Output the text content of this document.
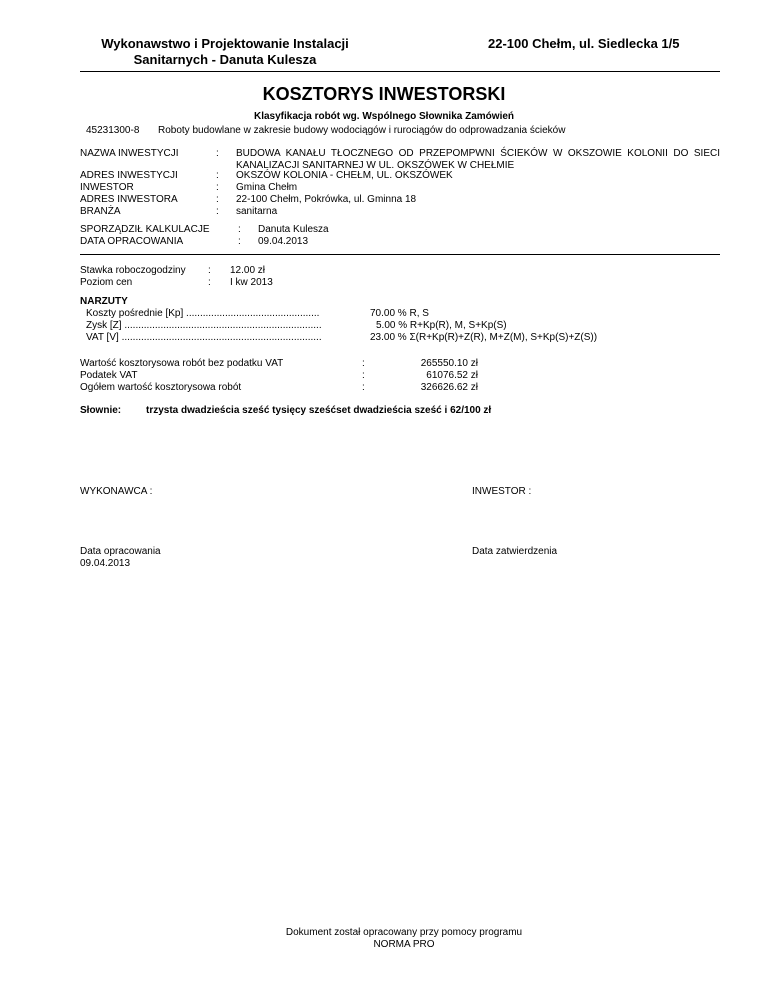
Wykonawstwo i Projektowanie Instalacji Sanitarnych - Danuta Kulesza
22-100 Chełm, ul. Siedlecka 1/5
KOSZTORYS INWESTORSKI
Klasyfikacja robót wg. Wspólnego Słownika Zamówień
45231300-8 Roboty budowlane w zakresie budowy wodociągów i rurociągów do odprowadzania ścieków
NAZWA INWESTYCJI	: BUDOWA KANAŁU TŁOCZNEGO OD PRZEPOMPWNI ŚCIEKÓW W OKSZOWIE KOLONII DO SIECI KANALIZACJI SANITARNEJ W UL. OKSZÓWEK W CHEŁMIE
ADRES INWESTYCJI	: OKSZÓW KOLONIA - CHEŁM, UL. OKSZÓWEK
INWESTOR	: Gmina Chełm
ADRES INWESTORA	: 22-100 Chełm, Pokrówka, ul. Gminna 18
BRANŻA	: sanitarna
SPORZĄDZIŁ KALKULACJE	: Danuta Kulesza
DATA OPRACOWANIA	: 09.04.2013
Stawka roboczogodziny : 12.00 zł
Poziom cen	: I kw 2013
NARZUTY
Koszty pośrednie [Kp] ................................................	70.00 % R, S
Zysk [Z] .......................................................................	5.00 % R+Kp(R), M, S+Kp(S)
VAT [V] ........................................................................	23.00 % Σ(R+Kp(R)+Z(R), M+Z(M), S+Kp(S)+Z(S))
Wartość kosztorysowa robót bez podatku VAT	:	265550.10 zł
Podatek VAT	:	61076.52 zł
Ogółem wartość kosztorysowa robót	:	326626.62 zł
Słownie: trzysta dwadzieścia sześć tysięcy sześćset dwadzieścia sześć i 62/100 zł
WYKONAWCA :	INWESTOR :
Data opracowania
09.04.2013
Data zatwierdzenia
Dokument został opracowany przy pomocy programu
NORMA PRO
